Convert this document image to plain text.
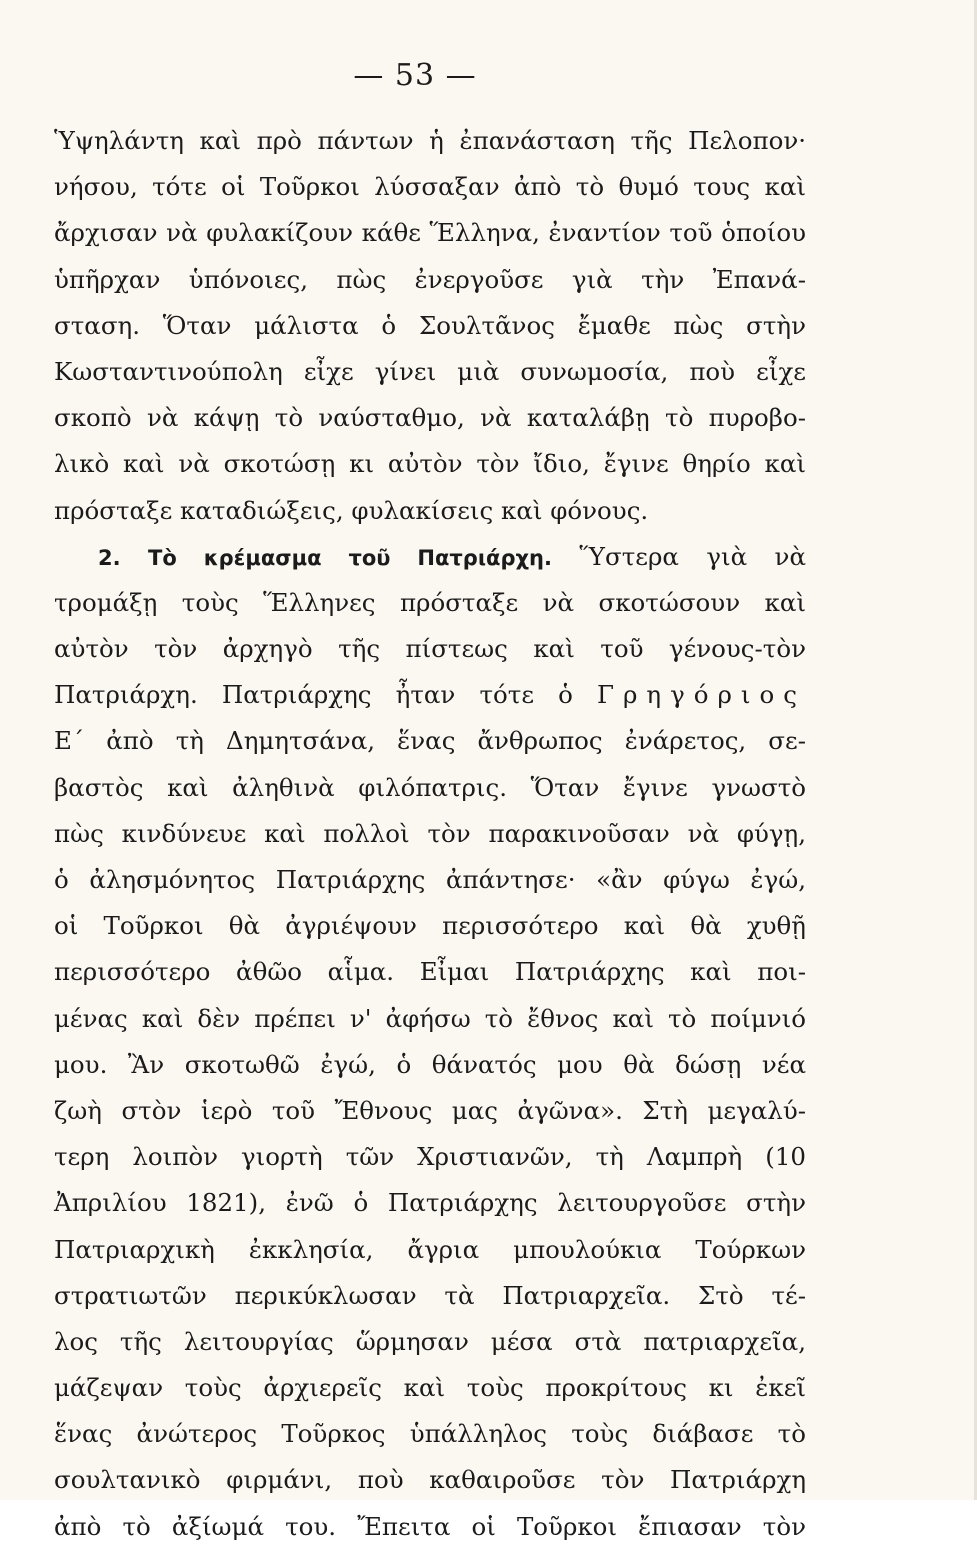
— 53 —
Ὑψηλάντη καὶ πρὸ πάντων ἡ ἐπανάσταση τῆς Πελοπον·
νήσου, τότε οἱ Τοῦρκοι λύσσαξαν ἀπὸ τὸ θυμό τους καὶ
ἄρχισαν νὰ φυλακίζουν κάθε Ἕλληνα, ἐναντίον τοῦ ὁποίου
ὑπῆρχαν ὑπόνοιες, πὼς ἐνεργοῦσε γιὰ τὴν Ἐπανά-
σταση. Ὅταν μάλιστα ὁ Σουλτᾶνος ἔμαθε πὼς στὴν
Κωσταντινούπολη εἶχε γίνει μιὰ συνωμοσία, ποὺ εἶχε
σκοπὸ νὰ κάψῃ τὸ ναύσταθμο, νὰ καταλάβῃ τὸ πυροβο-
λικὸ καὶ νὰ σκοτώσῃ κι αὐτὸν τὸν ἴδιο, ἔγινε θηρίο καὶ
πρόσταξε καταδιώξεις, φυλακίσεις καὶ φόνους.
2. Τὸ κρέμασμα τοῦ Πατριάρχη. Ὕστερα γιὰ νὰ
τρομάξῃ τοὺς Ἕλληνες πρόσταξε νὰ σκοτώσουν καὶ
αὐτὸν τὸν ἀρχηγὸ τῆς πίστεως καὶ τοῦ γένους-τὸν
Πατριάρχη. Πατριάρχης ἦταν τότε ὁ Γρηγόριος
Ε΄ ἀπὸ τὴ Δημητσάνα, ἕνας ἄνθρωπος ἐνάρετος, σε-
βαστὸς καὶ ἀληθινὰ φιλόπατρις. Ὅταν ἔγινε γνωστὸ
πὼς κινδύνευε καὶ πολλοὶ τὸν παρακινοῦσαν νὰ φύγῃ,
ὁ ἀλησμόνητος Πατριάρχης ἀπάντησε· «ἂν φύγω ἐγώ,
οἱ Τοῦρκοι θὰ ἀγριέψουν περισσότερο καὶ θὰ χυθῇ
περισσότερο ἀθῶο αἷμα. Εἶμαι Πατριάρχης καὶ ποι-
μένας καὶ δὲν πρέπει ν' ἀφήσω τὸ ἔθνος καὶ τὸ ποίμνιό
μου. Ἂν σκοτωθῶ ἐγώ, ὁ θάνατός μου θὰ δώσῃ νέα
ζωὴ στὸν ἱερὸ τοῦ Ἔθνους μας ἀγῶνα». Στὴ μεγαλύ-
τερη λοιπὸν γιορτὴ τῶν Χριστιανῶν, τὴ Λαμπρὴ (10
Ἀπριλίου 1821), ἐνῶ ὁ Πατριάρχης λειτουργοῦσε στὴν
Πατριαρχικὴ ἐκκλησία, ἄγρια μπουλούκια Τούρκων
στρατιωτῶν περικύκλωσαν τὰ Πατριαρχεῖα. Στὸ τέ-
λος τῆς λειτουργίας ὥρμησαν μέσα στὰ πατριαρχεῖα,
μάζεψαν τοὺς ἀρχιερεῖς καὶ τοὺς προκρίτους κι ἐκεῖ
ἕνας ἀνώτερος Τοῦρκος ὑπάλληλος τοὺς διάβασε τὸ
σουλτανικὸ φιρμάνι, ποὺ καθαιροῦσε τὸν Πατριάρχη
ἀπὸ τὸ ἀξίωμά του. Ἔπειτα οἱ Τοῦρκοι ἔπιασαν τὸν
